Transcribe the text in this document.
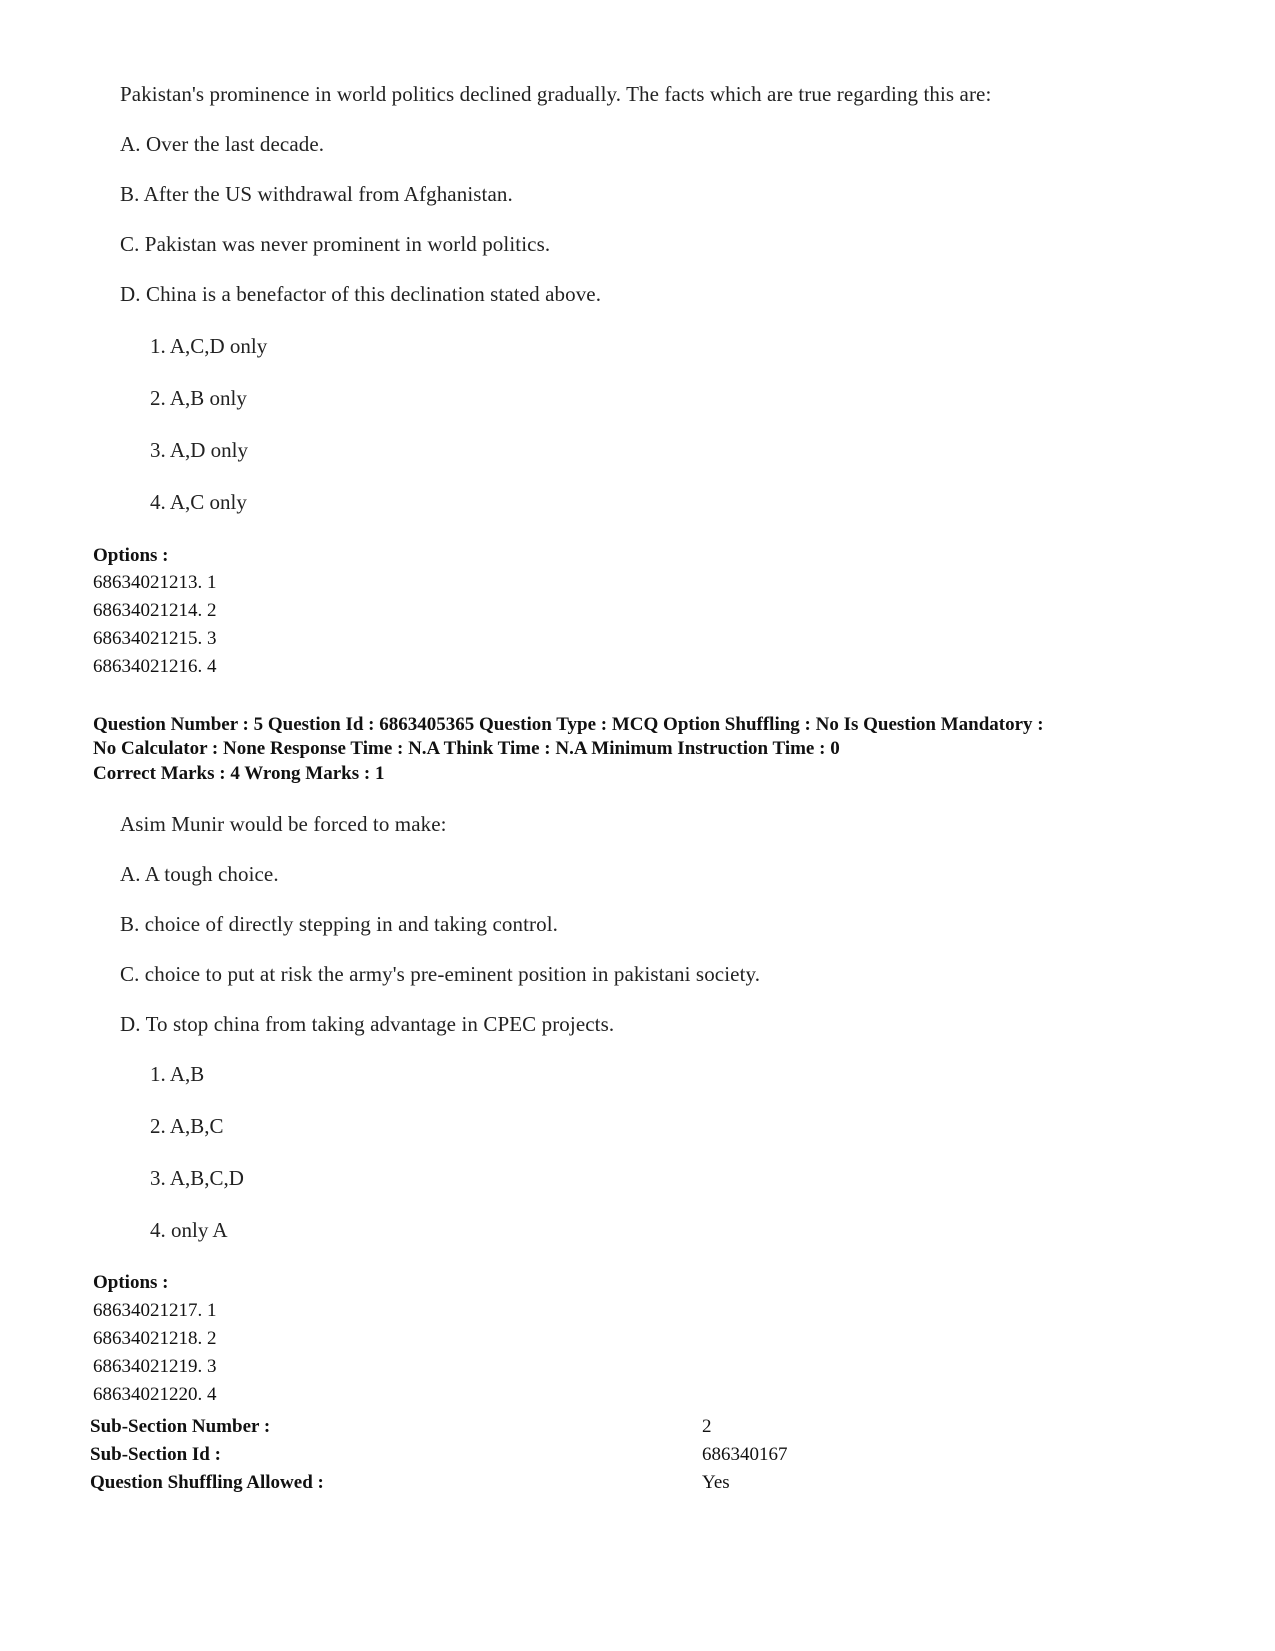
Pakistan's prominence in world politics declined gradually. The facts which are true regarding this are:
A. Over the last decade.
B. After the US withdrawal from Afghanistan.
C. Pakistan was never prominent in world politics.
D. China is a benefactor of this declination stated above.
1. A,C,D only
2. A,B only
3. A,D only
4. A,C only
Options :
68634021213. 1
68634021214. 2
68634021215. 3
68634021216. 4
Question Number : 5 Question Id : 6863405365 Question Type : MCQ Option Shuffling : No Is Question Mandatory :
No Calculator : None Response Time : N.A Think Time : N.A Minimum Instruction Time : 0
Correct Marks : 4 Wrong Marks : 1
Asim Munir would be forced to make:
A. A tough choice.
B. choice of directly stepping in and taking control.
C. choice to put at risk the army's pre-eminent position in pakistani society.
D. To stop china from taking advantage in CPEC projects.
1. A,B
2. A,B,C
3. A,B,C,D
4. only A
Options :
68634021217. 1
68634021218. 2
68634021219. 3
68634021220. 4
Sub-Section Number :	2
Sub-Section Id :	686340167
Question Shuffling Allowed :	Yes
